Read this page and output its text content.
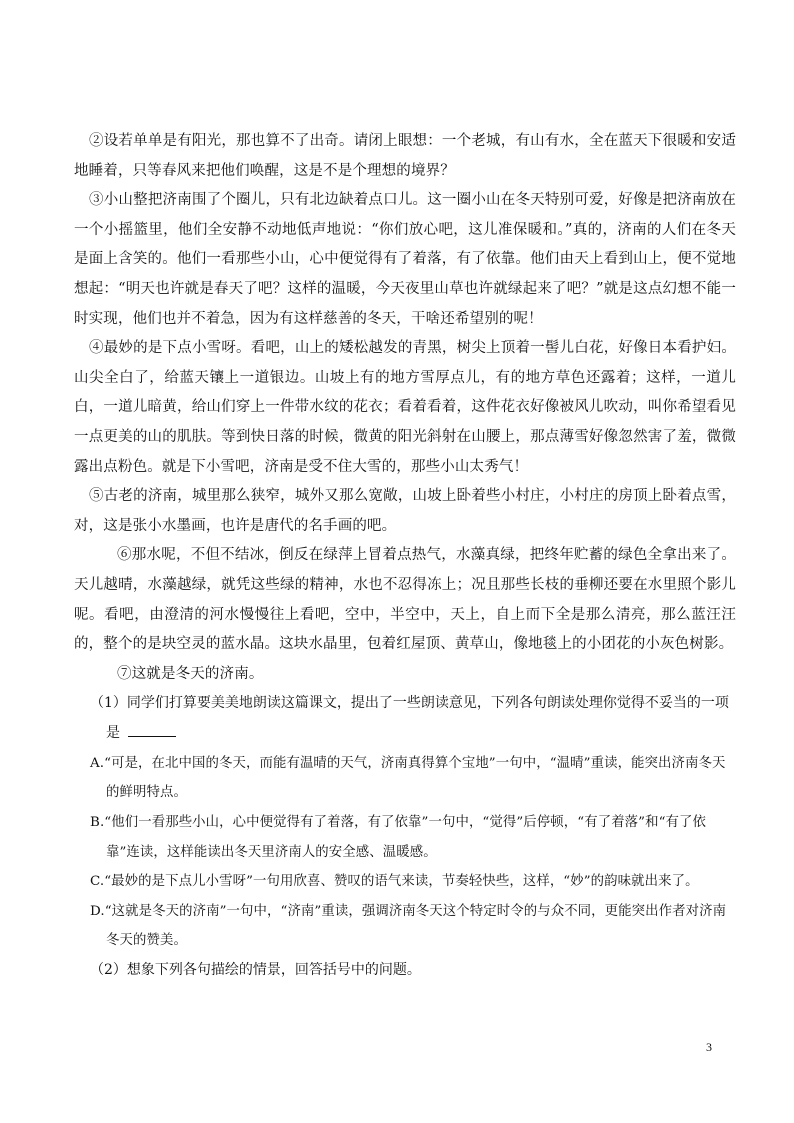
②设若单单是有阳光，那也算不了出奇。请闭上眼想：一个老城，有山有水，全在蓝天下很暖和安适地睡着，只等春风来把他们唤醒，这是不是个理想的境界？

③小山整把济南围了个圈儿，只有北边缺着点口儿。这一圈小山在冬天特别可爱，好像是把济南放在一个小摇篮里，他们全安静不动地低声地说：“你们放心吧，这儿准保暖和。”真的，济南的人们在冬天是面上含笑的。他们一看那些小山，心中便觉得有了着落，有了依靠。他们由天上看到山上，便不觉地想起：“明天也许就是春天了吧？这样的温暖，今天夜里山草也许就绿起来了吧？”就是这点幻想不能一时实现，他们也并不着急，因为有这样慈善的冬天，干啥还希望别的呢！

④最妙的是下点小雪呀。看吧，山上的矮松越发的青黑，树尖上顶着一髻儿白花，好像日本看护妇。山尖全白了，给蓝天镶上一道银边。山坡上有的地方雪厚点儿，有的地方草色还露着；这样，一道儿白，一道儿暗黄，给山们穿上一件带水纹的花衣；看着看着，这件花衣好像被风儿吹动，叫你希望看见一点更美的山的肌肤。等到快日落的时候，微黄的阳光斜射在山腰上，那点薄雪好像忽然害了羞，微微露出点粉色。就是下小雪吧，济南是受不住大雪的，那些小山太秀气！

⑤古老的济南，城里那么狭窄，城外又那么宽敞，山坡上卧着些小村庄，小村庄的房顶上卧着点雪，对，这是张小水墨画，也许是唐代的名手画的吧。

⑥那水呢，不但不结冰，倒反在绿萍上冒着点热气，水藻真绿，把终年贮蓄的绿色全拿出来了。天儿越晴，水藻越绿，就凭这些绿的精神，水也不忍得冻上；况且那些长枝的垂柳还要在水里照个影儿呢。看吧，由澄清的河水慢慢往上看吧，空中，半空中，天上，自上而下全是那么清亮，那么蓝汪汪的，整个的是块空灵的蓝水晶。这块水晶里，包着红屋顶、黄草山，像地毯上的小团花的小灰色树影。

⑦这就是冬天的济南。

（1）同学们打算要美美地朗读这篇课文，提出了一些朗读意见，下列各句朗读处理你觉得不妥当的一项是

A.“可是，在北中国的冬天，而能有温晴的天气，济南真得算个宝地”一句中，“温晴”重读，能突出济南冬天的鲜明特点。

B.“他们一看那些小山，心中便觉得有了着落，有了依靠”一句中，“觉得”后停顿，“有了着落”和“有了依靠”连读，这样能读出冬天里济南人的安全感、温暖感。

C.“最妙的是下点儿小雪呀”一句用欣喜、赞叹的语气来读，节奏轻快些，这样，“妙”的韵味就出来了。

D.“这就是冬天的济南”一句中，“济南”重读，强调济南冬天这个特定时令的与众不同，更能突出作者对济南冬天的赞美。

（2）想象下列各句描绘的情景，回答括号中的问题。

3
